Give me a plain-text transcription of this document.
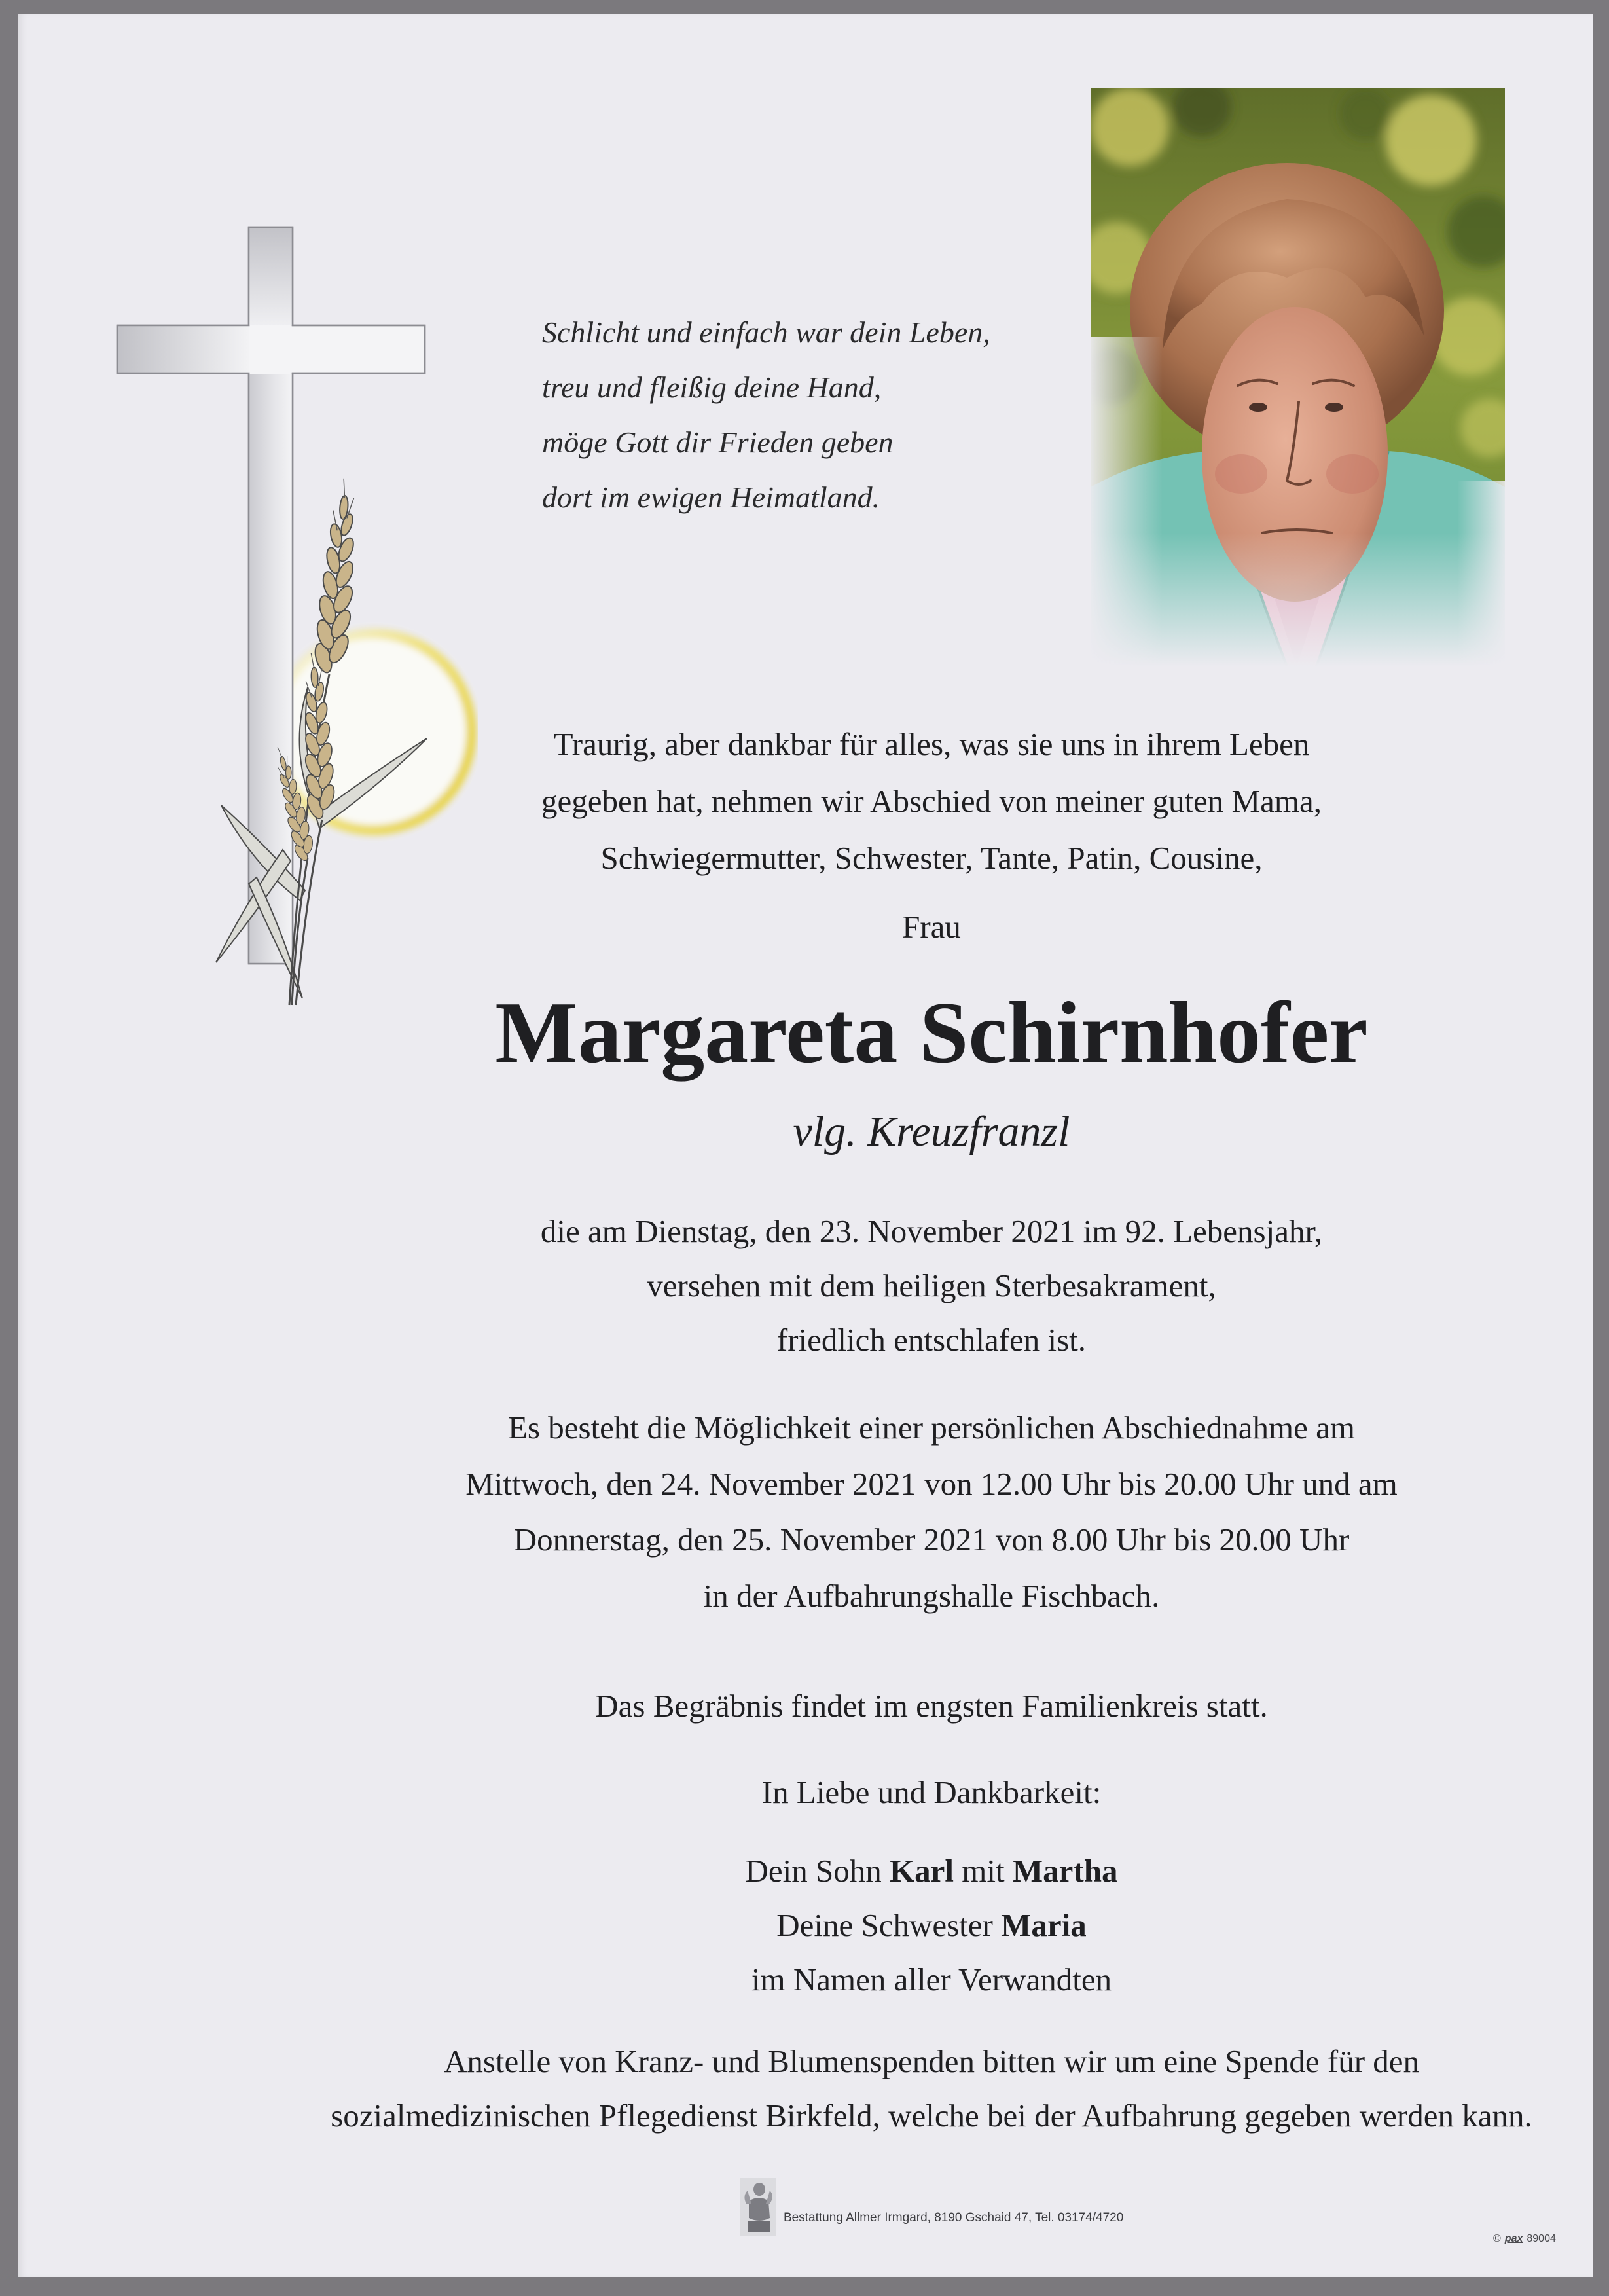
Schlicht und einfach war dein Leben,
treu und fleißig deine Hand,
möge Gott dir Frieden geben
dort im ewigen Heimatland.
Traurig, aber dankbar für alles, was sie uns in ihrem Leben
gegeben hat, nehmen wir Abschied von meiner guten Mama,
Schwiegermutter, Schwester, Tante, Patin, Cousine,
Frau
Margareta Schirnhofer
vlg. Kreuzfranzl
die am Dienstag, den 23. November 2021 im 92. Lebensjahr,
versehen mit dem heiligen Sterbesakrament,
friedlich entschlafen ist.
Es besteht die Möglichkeit einer persönlichen Abschiednahme am
Mittwoch, den 24. November 2021 von 12.00 Uhr bis 20.00 Uhr und am
Donnerstag, den 25. November 2021 von 8.00 Uhr bis 20.00 Uhr
in der Aufbahrungshalle Fischbach.
Das Begräbnis findet im engsten Familienkreis statt.
In Liebe und Dankbarkeit:
Dein Sohn Karl mit Martha
Deine Schwester Maria
im Namen aller Verwandten
Anstelle von Kranz- und Blumenspenden bitten wir um eine Spende für den
sozialmedizinischen Pflegedienst Birkfeld, welche bei der Aufbahrung gegeben werden kann.
Bestattung Allmer Irmgard, 8190 Gschaid 47, Tel. 03174/4720
© pax 89004
